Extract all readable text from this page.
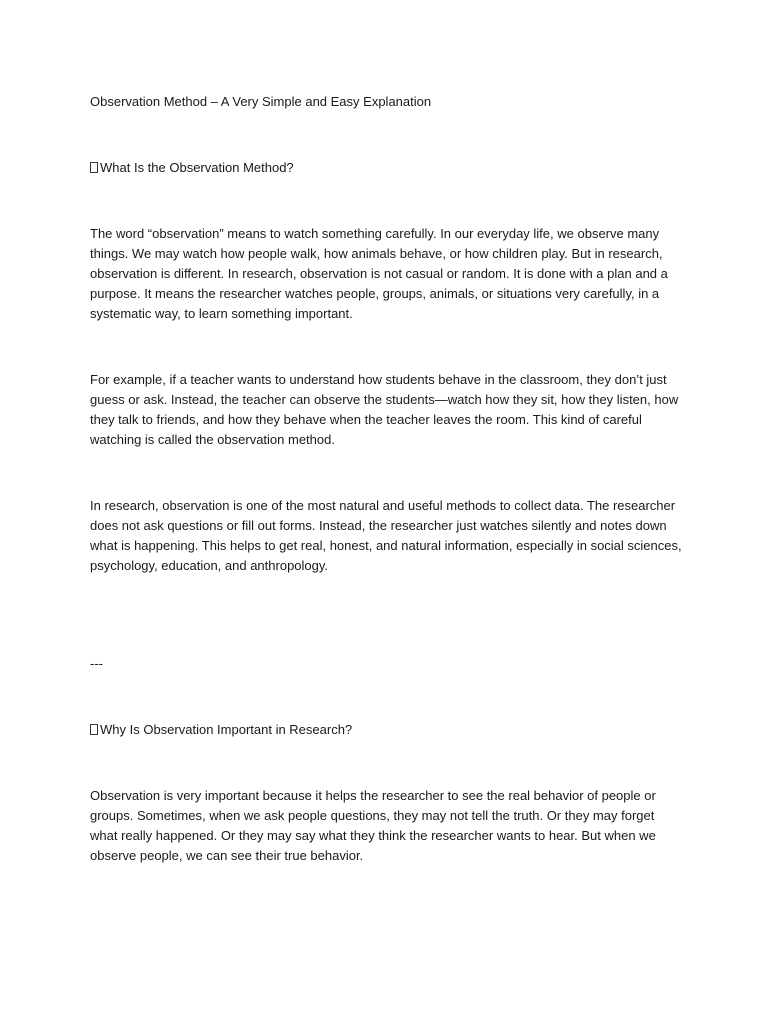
Observation Method – A Very Simple and Easy Explanation

What Is the Observation Method?

The word “observation” means to watch something carefully. In our everyday life, we observe many things. We may watch how people walk, how animals behave, or how children play. But in research, observation is different. In research, observation is not casual or random. It is done with a plan and a purpose. It means the researcher watches people, groups, animals, or situations very carefully, in a systematic way, to learn something important.

For example, if a teacher wants to understand how students behave in the classroom, they don’t just guess or ask. Instead, the teacher can observe the students—watch how they sit, how they listen, how they talk to friends, and how they behave when the teacher leaves the room. This kind of careful watching is called the observation method.

In research, observation is one of the most natural and useful methods to collect data. The researcher does not ask questions or fill out forms. Instead, the researcher just watches silently and notes down what is happening. This helps to get real, honest, and natural information, especially in social sciences, psychology, education, and anthropology.

---

Why Is Observation Important in Research?

Observation is very important because it helps the researcher to see the real behavior of people or groups. Sometimes, when we ask people questions, they may not tell the truth. Or they may forget what really happened. Or they may say what they think the researcher wants to hear. But when we observe people, we can see their true behavior.
